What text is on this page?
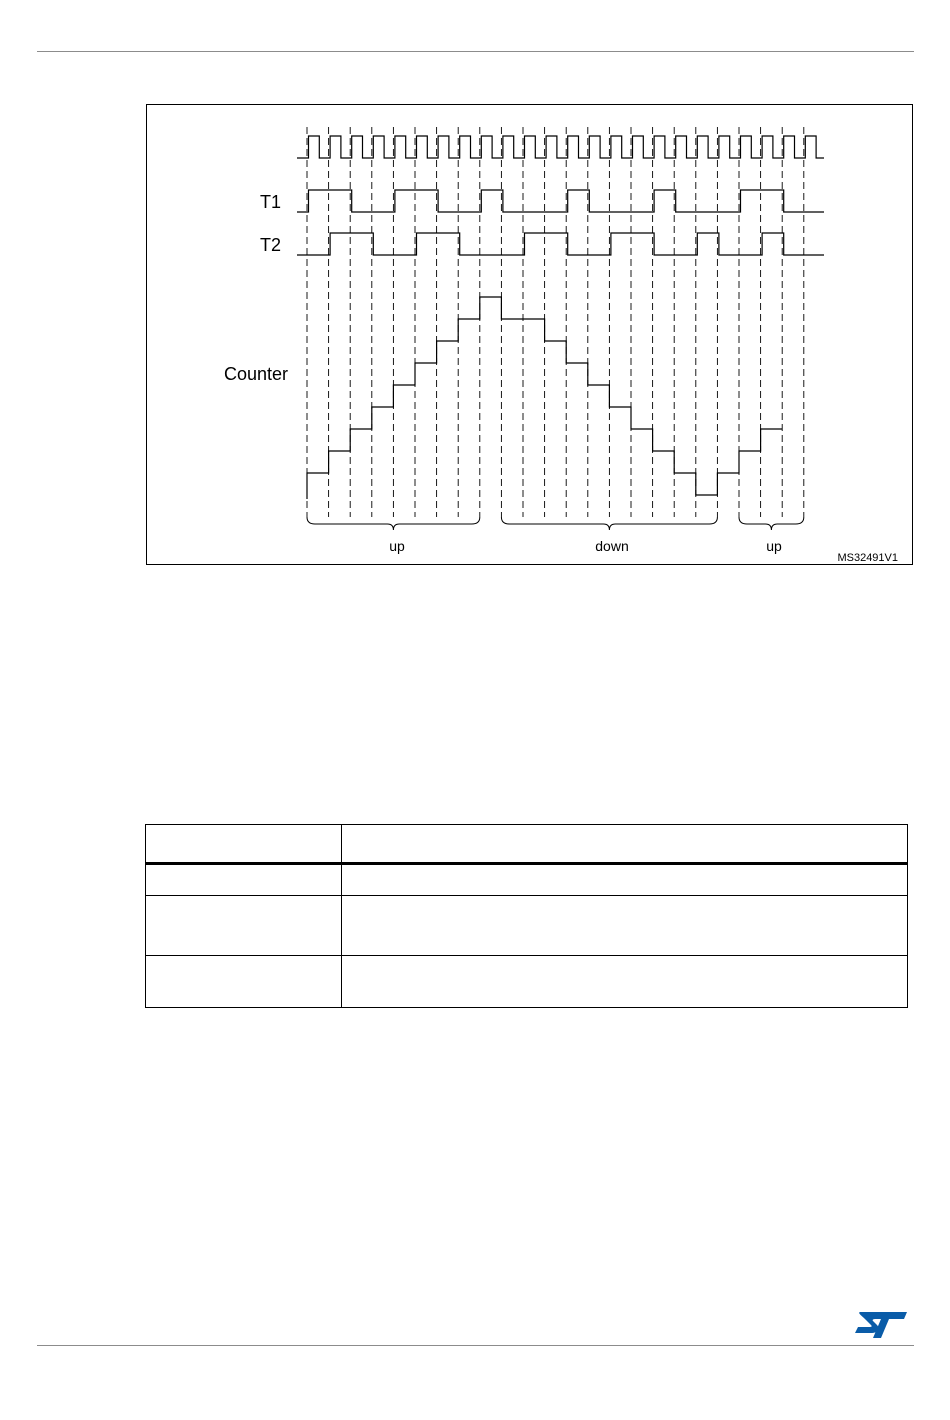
T1
T2
Counter
up	down	up
MS32491V1
